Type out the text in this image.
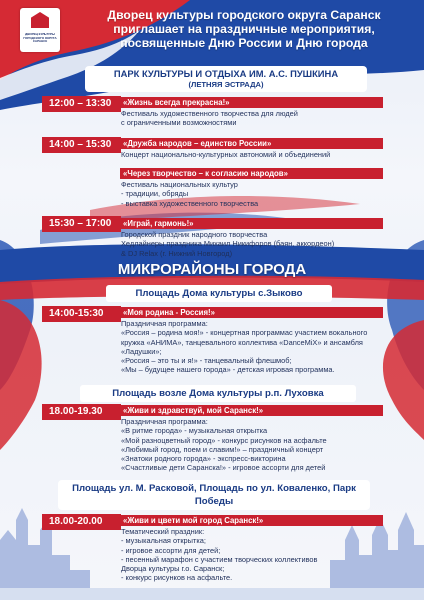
ДВОРЕЦ КУЛЬТУРЫ ГОРОДСКОГО ОКРУГА САРАНСК
Дворец культуры городского округа Саранск приглашает на праздничные мероприятия, посвященные Дню России и Дню города
ПАРК КУЛЬТУРЫ И ОТДЫХА ИМ. А.С. ПУШКИНА
(ЛЕТНЯЯ ЭСТРАДА)
12:00 – 13:30	«Жизнь всегда прекрасна!»
Фестиваль художественного творчества для людей
с ограниченными возможностями
14:00 – 15:30	«Дружба народов – единство России»
Концерт национально-культурных автономий и объединений
«Через творчество – к согласию народов»
Фестиваль национальных культур
- традиции, обряды
- выставка художественного творчества
15:30 – 17:00	«Играй, гармонь!»
Городской праздник народного творчества
Хедлайнеры праздника Михаил Никифоров (баян, аккордеон)
& DJ Relax (г. Нижний Новгород)
МИКРОРАЙОНЫ ГОРОДА
Площадь Дома культуры с.Зыково
14:00-15:30	«Моя родина - Россия!»
Праздничная программа:
«Россия – родина моя!» - концертная программас участием вокального
кружка «АНИМА», танцевального коллектива «DanceMiX» и ансамбля
«Ладушки»;
«Россия – это ты и я!» - танцевальный флешмоб;
«Мы – будущее нашего города» - детская игровая программа.
Площадь возле Дома культуры р.п. Луховка
18.00-19.30	«Живи и здравствуй, мой Саранск!»
Праздничная программа:
«В ритме города» - музыкальная открытка
«Мой разноцветный город» - конкурс рисунков на асфальте
«Любимый город, поем и славим!» – праздничный концерт
«Знатоки родного города» - экспресс-викторина
«Счастливые дети Саранска!» - игровое ассорти для детей
Площадь ул. М. Расковой, Площадь по ул. Коваленко, Парк Победы
18.00-20.00	«Живи и цвети мой город Саранск!»
Тематический праздник:
- музыкальная открытка;
- игровое ассорти для детей;
- песенный марафон с участием творческих коллективов
Дворца культуры г.о. Саранск;
- конкурс рисунков на асфальте.
